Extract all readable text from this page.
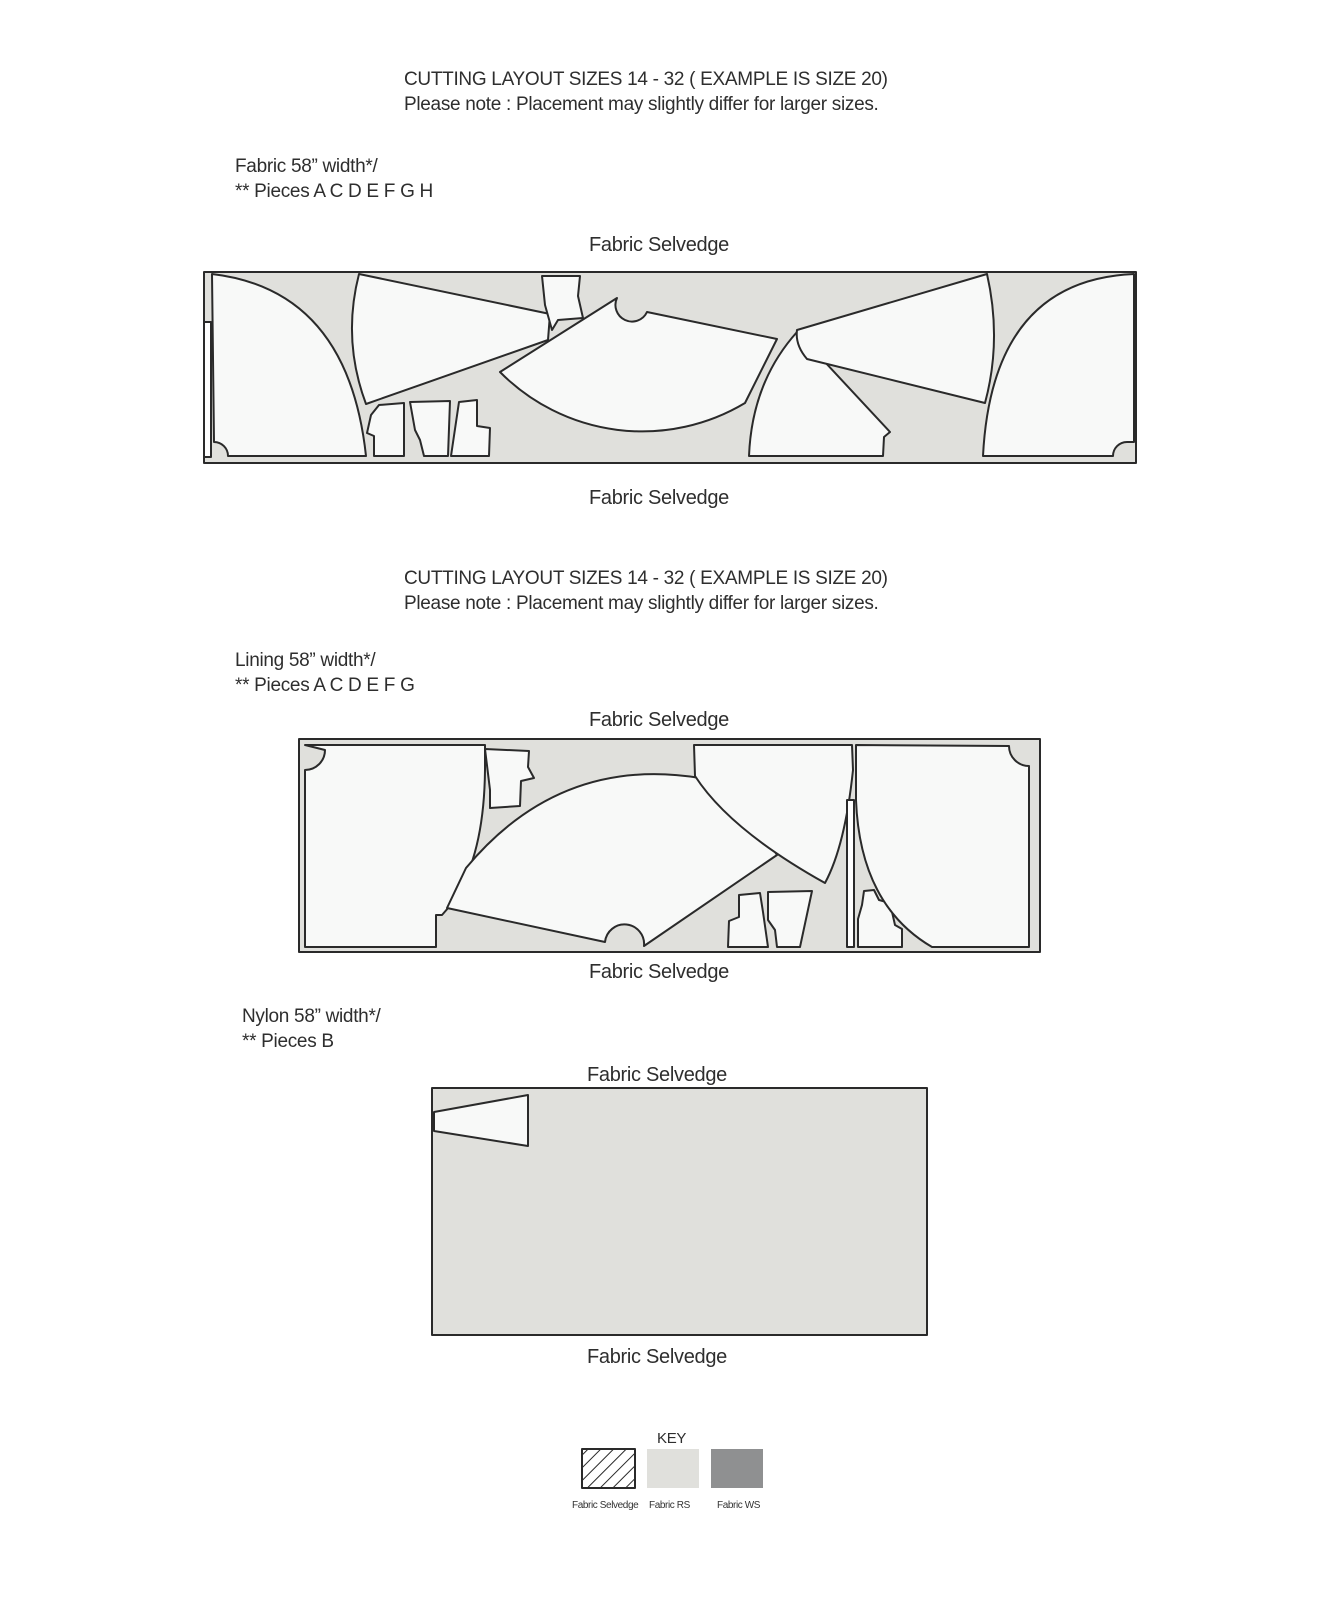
CUTTING LAYOUT SIZES 14 - 32 ( EXAMPLE IS SIZE 20)
Please note : Placement may slightly differ for larger sizes.
Fabric 58” width*/
** Pieces A C D E F G H
Fabric Selvedge
Fabric Selvedge
CUTTING LAYOUT SIZES 14 - 32 ( EXAMPLE IS SIZE 20)
Please note : Placement may slightly differ for larger sizes.
Lining 58” width*/
** Pieces A C D E F G
Fabric Selvedge
Fabric Selvedge
Nylon 58” width*/
** Pieces B
Fabric Selvedge
Fabric Selvedge
KEY
Fabric Selvedge Fabric RS	Fabric WS
